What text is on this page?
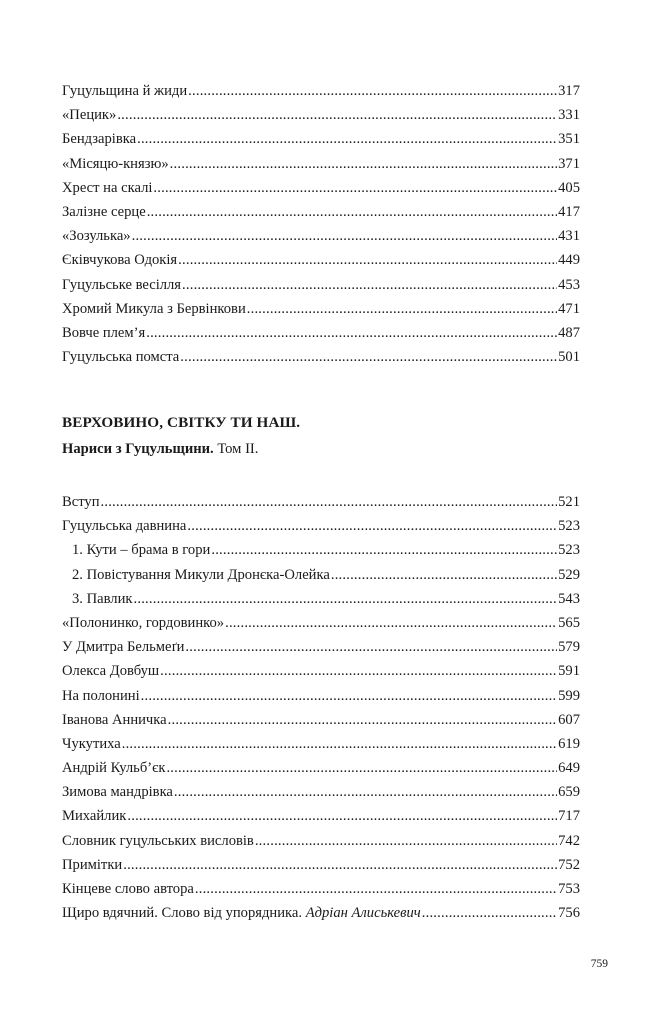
Гуцульщина й жиди .....	317
«Пецик» .....	331
Бендзарівка .....	351
«Місяцю-князю» .....	371
Хрест на скалі .....	405
Залізне серце .....	417
«Зозулька» .....	431
Єківчукова Одокія .....	449
Гуцульське весілля .....	453
Хромий Микула з Бервінкови .....	471
Вовче плем’я .....	487
Гуцульська помста .....	501
ВЕРХОВИНО, СВІТКУ ТИ НАШ.

Нариси з Гуцульщини. Том ІІ.

Вступ .....	521
Гуцульська давнина .....	523
1. Кути – брама в гори .....	523
2. Повістування Микули Дронєка-Олейка .....	529
3. Павлик .....	543
«Полонинко, гордовинко» .....	565
У Дмитра Бельмеґи .....	579
Олекса Довбуш .....	591
На полонині .....	599
Іванова Анничка .....	607
Чукутиха .....	619
Андрій Кульб’єк .....	649
Зимова мандрівка .....	659
Михайлик .....	717
Словник гуцульських висловів .....	742
Примітки .....	752
Кінцеве слово автора .....	753
Щиро вдячний. Слово від упорядника. Адріан Алиськевич .....	756
759
